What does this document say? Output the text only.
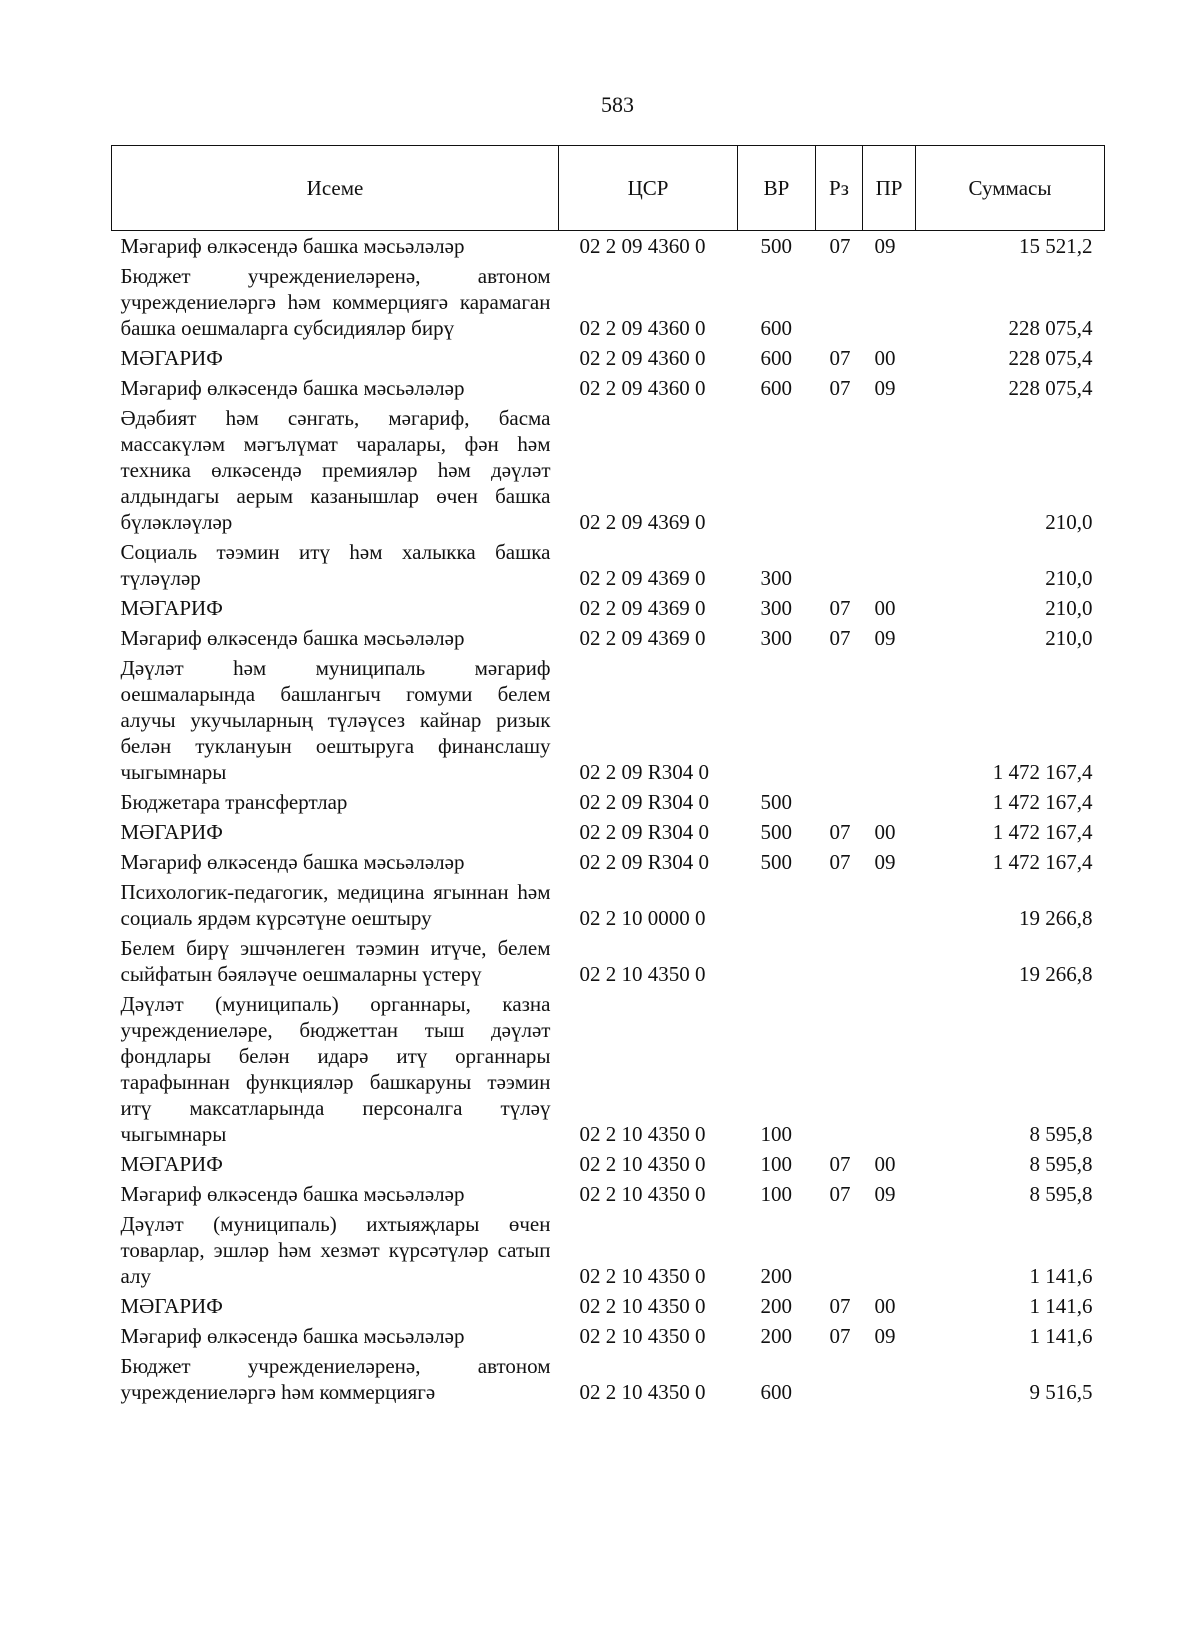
583
Исеме	ЦСР	ВР	Рз	ПР	Суммасы
Мәгариф өлкәсендә башка мәсьәләләр	02 2 09 4360 0	500	07	09	15 521,2
Бюджет учреждениеләренә, автоном учреждениеләргә һәм коммерциягә карамаган башка оешмаларга субсидияләр бирү	02 2 09 4360 0	600			228 075,4
МӘГАРИФ	02 2 09 4360 0	600	07	00	228 075,4
Мәгариф өлкәсендә башка мәсьәләләр	02 2 09 4360 0	600	07	09	228 075,4
Әдәбият һәм сәнгать, мәгариф, басма массакүләм мәгълүмат чаралары, фән һәм техника өлкәсендә премияләр һәм дәүләт алдындагы аерым казанышлар өчен башка бүләкләүләр	02 2 09 4369 0				210,0
Социаль тәэмин итү һәм халыкка башка түләүләр	02 2 09 4369 0	300			210,0
МӘГАРИФ	02 2 09 4369 0	300	07	00	210,0
Мәгариф өлкәсендә башка мәсьәләләр	02 2 09 4369 0	300	07	09	210,0
Дәүләт һәм муниципаль мәгариф оешмаларында башлангыч гомуми белем алучы укучыларның түләүсез кайнар ризык белән туклануын оештыруга финанслашу чыгымнары	02 2 09 R304 0				1 472 167,4
Бюджетара трансфертлар	02 2 09 R304 0	500			1 472 167,4
МӘГАРИФ	02 2 09 R304 0	500	07	00	1 472 167,4
Мәгариф өлкәсендә башка мәсьәләләр	02 2 09 R304 0	500	07	09	1 472 167,4
Психологик-педагогик, медицина ягыннан һәм социаль ярдәм күрсәтүне оештыру	02 2 10 0000 0				19 266,8
Белем бирү эшчәнлеген тәэмин итүче, белем сыйфатын бәяләүче оешмаларны үстерү	02 2 10 4350 0				19 266,8
Дәүләт (муниципаль) органнары, казна учреждениеләре, бюджеттан тыш дәүләт фондлары белән идарә итү органнары тарафыннан функцияләр башкаруны тәэмин итү максатларында персоналга түләү чыгымнары	02 2 10 4350 0	100			8 595,8
МӘГАРИФ	02 2 10 4350 0	100	07	00	8 595,8
Мәгариф өлкәсендә башка мәсьәләләр	02 2 10 4350 0	100	07	09	8 595,8
Дәүләт (муниципаль) ихтыяҗлары өчен товарлар, эшләр һәм хезмәт күрсәтүләр сатып алу	02 2 10 4350 0	200			1 141,6
МӘГАРИФ	02 2 10 4350 0	200	07	00	1 141,6
Мәгариф өлкәсендә башка мәсьәләләр	02 2 10 4350 0	200	07	09	1 141,6
Бюджет учреждениеләренә, автоном учреждениеләргә һәм коммерциягә	02 2 10 4350 0	600			9 516,5
